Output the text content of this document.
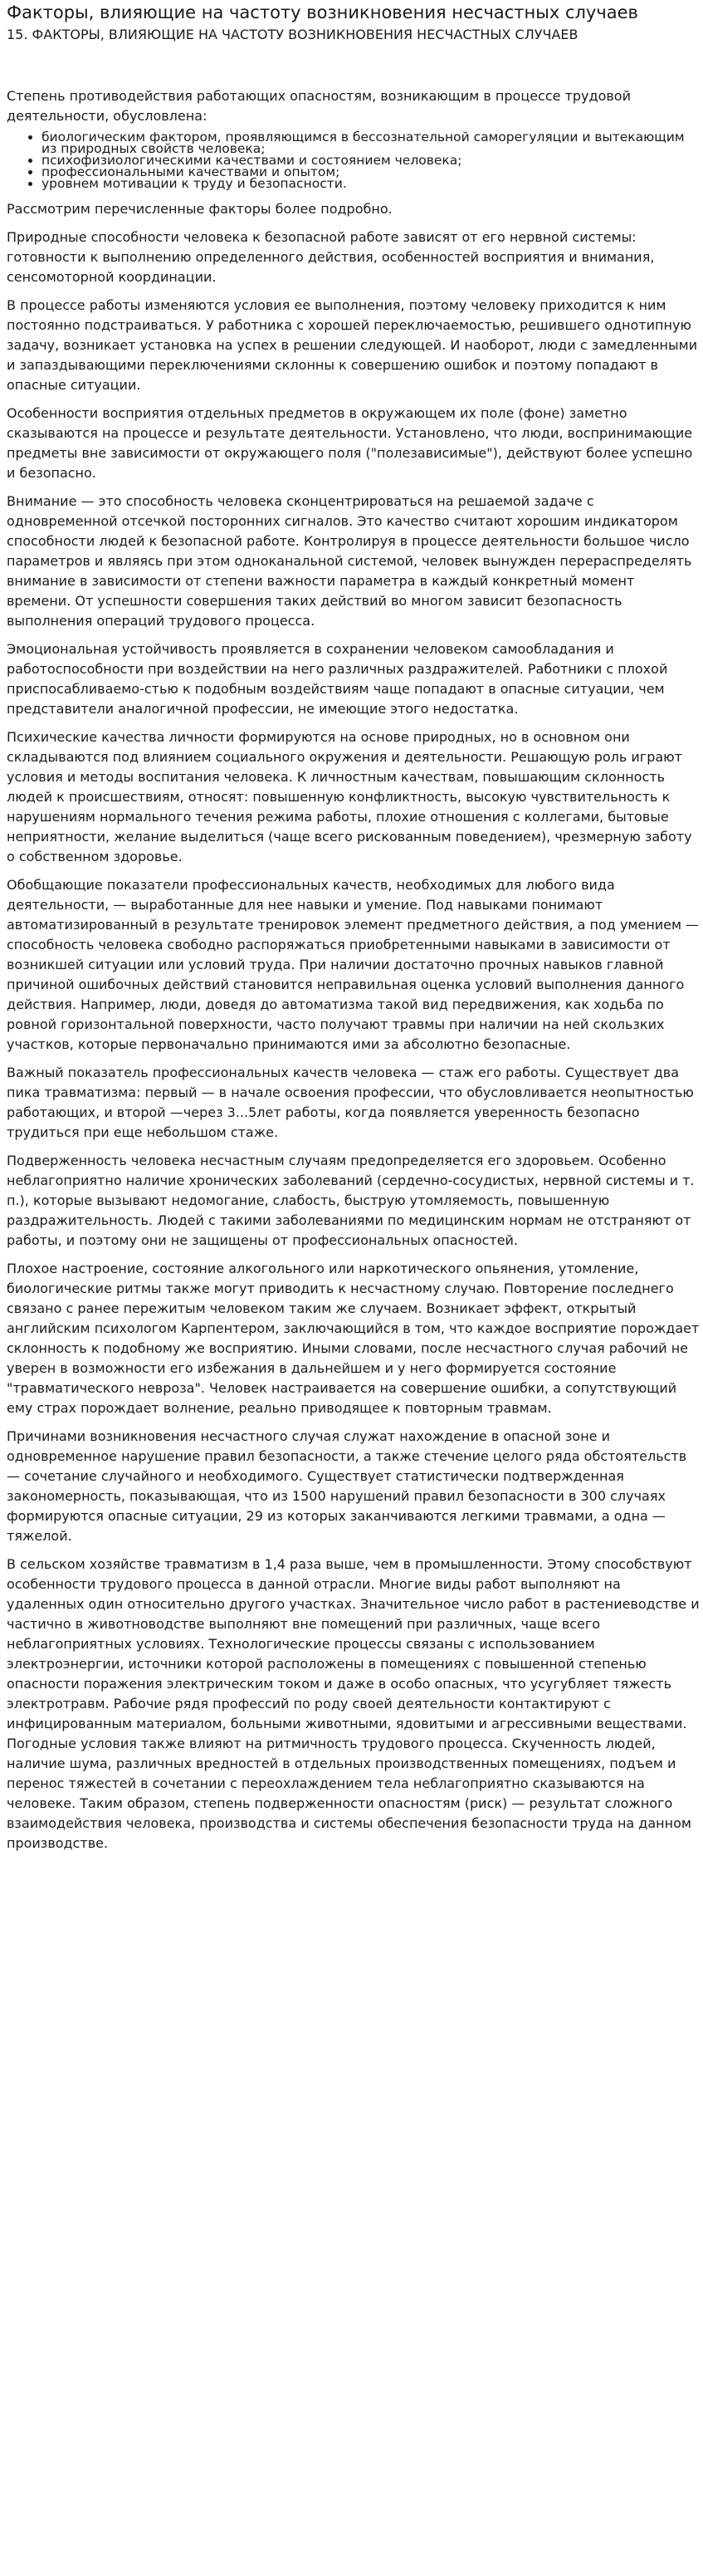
Факторы, влияющие на частоту возникновения несчастных случаев
15. ФАКТОРЫ, ВЛИЯЮЩИЕ НА ЧАСТОТУ ВОЗНИКНОВЕНИЯ НЕСЧАСТНЫХ СЛУЧАЕВ

Степень противодействия работающих опасностям, возникающим в процессе трудовой деятельности, обусловлена:

• биологическим фактором, проявляющимся в бессознательной саморегуляции и вытекающим из природных свойств человека;
• психофизиологическими качествами и состоянием человека;
• профессиональными качествами и опытом;
• уровнем мотивации к труду и безопасности.

Рассмотрим перечисленные факторы более подробно.

Природные способности человека к безопасной работе зависят от его нервной системы: готовности к выполнению определенного действия, особенностей восприятия и внимания, сенсомоторной координации.

В процессе работы изменяются условия ее выполнения, поэтому человеку приходится к ним постоянно подстраиваться. У работника с хорошей переключаемостью, решившего однотипную задачу, возникает установка на успех в решении следующей. И наоборот, люди с замедленными и запаздывающими переключениями склонны к совершению ошибок и поэтому попадают в опасные ситуации.

Особенности восприятия отдельных предметов в окружающем их поле (фоне) заметно сказываются на процессе и результате деятельности. Установлено, что люди, воспринимающие предметы вне зависимости от окружающего поля ("полезависимые"), действуют более успешно и безопасно.

Внимание — это способность человека сконцентрироваться на решаемой задаче с одновременной отсечкой посторонних сигналов. Это качество считают хорошим индикатором способности людей к безопасной работе. Контролируя в процессе деятельности большое число параметров и являясь при этом одноканальной системой, человек вынужден перераспределять внимание в зависимости от степени важности параметра в каждый конкретный момент времени. От успешности совершения таких действий во многом зависит безопасность выполнения операций трудового процесса.

Эмоциональная устойчивость проявляется в сохранении человеком самообладания и работоспособности при воздействии на него различных раздражителей. Работники с плохой приспосабливаемо-стью к подобным воздействиям чаще попадают в опасные ситуации, чем представители аналогичной профессии, не имеющие этого недостатка.

Психические качества личности формируются на основе природных, но в основном они складываются под влиянием социального окружения и деятельности. Решающую роль играют условия и методы воспитания человека. К личностным качествам, повышающим склонность людей к происшествиям, относят: повышенную конфликтность, высокую чувствительность к нарушениям нормального течения режима работы, плохие отношения с коллегами, бытовые неприятности, желание выделиться (чаще всего рискованным поведением), чрезмерную заботу о собственном здоровье.

Обобщающие показатели профессиональных качеств, необходимых для любого вида деятельности, — выработанные для нее навыки и умение. Под навыками понимают автоматизированный в результате тренировок элемент предметного действия, а под умением — способность человека свободно распоряжаться приобретенными навыками в зависимости от возникшей ситуации или условий труда. При наличии достаточно прочных навыков главной причиной ошибочных действий становится неправильная оценка условий выполнения данного действия. Например, люди, доведя до автоматизма такой вид передвижения, как ходьба по ровной горизонтальной поверхности, часто получают травмы при наличии на ней скользких участков, которые первоначально принимаются ими за абсолютно безопасные.

Важный показатель профессиональных качеств человека — стаж его работы. Существует два пика травматизма: первый — в начале освоения профессии, что обусловливается неопытностью работающих, и второй —через 3...5лет работы, когда появляется уверенность безопасно трудиться при еще небольшом стаже.

Подверженность человека несчастным случаям предопределяется его здоровьем. Особенно неблагоприятно наличие хронических заболеваний (сердечно-сосудистых, нервной системы и т. п.), которые вызывают недомогание, слабость, быструю утомляемость, повышенную раздражительность. Людей с такими заболеваниями по медицинским нормам не отстраняют от работы, и поэтому они не защищены от профессиональных опасностей.

Плохое настроение, состояние алкогольного или наркотического опьянения, утомление, биологические ритмы также могут приводить к несчастному случаю. Повторение последнего связано с ранее пережитым человеком таким же случаем. Возникает эффект, открытый английским психологом Карпентером, заключающийся в том, что каждое восприятие порождает склонность к подобному же восприятию. Иными словами, после несчастного случая рабочий не уверен в возможности его избежания в дальнейшем и у него формируется состояние "травматического невроза". Человек настраивается на совершение ошибки, а сопутствующий ему страх порождает волнение, реально приводящее к повторным травмам.

Причинами возникновения несчастного случая служат нахождение в опасной зоне и одновременное нарушение правил безопасности, а также стечение целого ряда обстоятельств — сочетание случайного и необходимого. Существует статистически подтвержденная закономерность, показывающая, что из 1500 нарушений правил безопасности в 300 случаях формируются опасные ситуации, 29 из которых заканчиваются легкими травмами, а одна — тяжелой.

В сельском хозяйстве травматизм в 1,4 раза выше, чем в промышленности. Этому способствуют особенности трудового процесса в данной отрасли. Многие виды работ выполняют на удаленных один относительно другого участках. Значительное число работ в растениеводстве и частично в животноводстве выполняют вне помещений при различных, чаще всего неблагоприятных условиях. Технологические процессы связаны с использованием электроэнергии, источники которой расположены в помещениях с повышенной степенью опасности поражения электрическим током и даже в особо опасных, что усугубляет тяжесть электротравм. Рабочие рядя профессий по роду своей деятельности контактируют с инфицированным материалом, больными животными, ядовитыми и агрессивными веществами. Погодные условия также влияют на ритмичность трудового процесса. Скученность людей, наличие шума, различных вредностей в отдельных производственных помещениях, подъем и перенос тяжестей в сочетании с переохлаждением тела неблагоприятно сказываются на человеке. Таким образом, степень подверженности опасностям (риск) — результат сложного взаимодействия человека, производства и системы обеспечения безопасности труда на данном производстве.
